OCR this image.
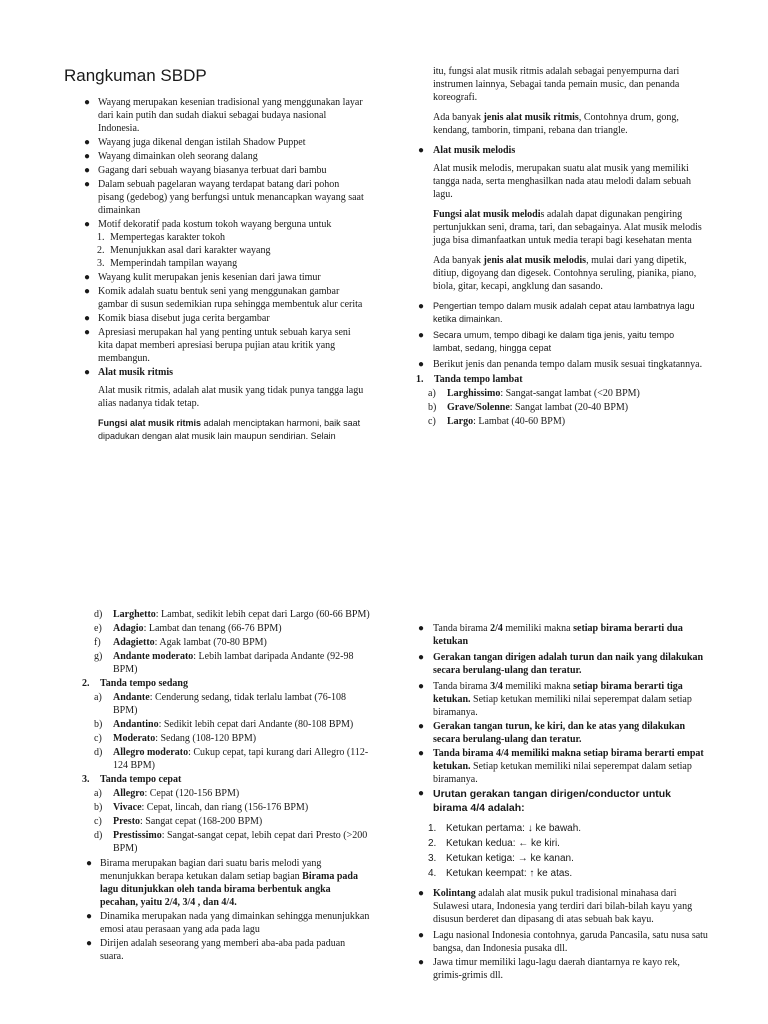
Rangkuman SBDP
● Wayang merupakan kesenian tradisional yang menggunakan layar dari kain putih dan sudah diakui sebagai budaya nasional Indonesia.
● Wayang juga dikenal dengan istilah Shadow Puppet
● Wayang dimainkan oleh seorang dalang
● Gagang dari sebuah wayang biasanya terbuat dari bambu
● Dalam sebuah pagelaran wayang terdapat batang dari pohon pisang (gedebog) yang berfungsi untuk menancapkan wayang saat dimainkan
● Motif dekoratif pada kostum tokoh wayang berguna untuk
1. Mempertegas karakter tokoh
2. Menunjukkan asal dari karakter wayang
3. Memperindah tampilan wayang
● Wayang kulit merupakan jenis kesenian dari jawa timur
● Komik adalah suatu bentuk seni yang menggunakan gambar gambar di susun sedemikian rupa sehingga membentuk alur cerita
● Komik biasa disebut juga cerita bergambar
● Apresiasi merupakan hal yang penting untuk sebuah karya seni kita dapat memberi apresiasi berupa pujian atau kritik yang membangun.
● Alat musik ritmis

Alat musik ritmis, adalah alat musik yang tidak punya tangga lagu alias nadanya tidak tetap.

Fungsi alat musik ritmis adalah menciptakan harmoni, baik saat dipadukan dengan alat musik lain maupun sendirian. Selain

itu, fungsi alat musik ritmis adalah sebagai penyempurna dari instrumen lainnya, Sebagai tanda pemain music, dan penanda koreografi.

Ada banyak jenis alat musik ritmis, Contohnya drum, gong, kendang, tamborin, timpani, rebana dan triangle.

● Alat musik melodis

Alat musik melodis, merupakan suatu alat musik yang memiliki tangga nada, serta menghasilkan nada atau melodi dalam sebuah lagu.

Fungsi alat musik melodis adalah dapat digunakan pengiring pertunjukkan seni, drama, tari, dan sebagainya. Alat musik melodis juga bisa dimanfaatkan untuk media terapi bagi kesehatan menta

Ada banyak jenis alat musik melodis, mulai dari yang dipetik, ditiup, digoyang dan digesek. Contohnya seruling, pianika, piano, biola, gitar, kecapi, angklung dan sasando.

● Pengertian tempo dalam musik adalah cepat atau lambatnya lagu ketika dimainkan.
● Secara umum, tempo dibagi ke dalam tiga jenis, yaitu tempo lambat, sedang, hingga cepat
● Berikut jenis dan penanda tempo dalam musik sesuai tingkatannya.
1. Tanda tempo lambat
a) Larghissimo: Sangat-sangat lambat (<20 BPM)
b) Grave/Solenne: Sangat lambat (20-40 BPM)
c) Largo: Lambat (40-60 BPM)
d) Larghetto: Lambat, sedikit lebih cepat dari Largo (60-66 BPM)
e) Adagio: Lambat dan tenang (66-76 BPM)
f) Adagietto: Agak lambat (70-80 BPM)
g) Andante moderato: Lebih lambat daripada Andante (92-98 BPM)
2. Tanda tempo sedang
a) Andante: Cenderung sedang, tidak terlalu lambat (76-108 BPM)
b) Andantino: Sedikit lebih cepat dari Andante (80-108 BPM)
c) Moderato: Sedang (108-120 BPM)
d) Allegro moderato: Cukup cepat, tapi kurang dari Allegro (112-124 BPM)
3. Tanda tempo cepat
a) Allegro: Cepat (120-156 BPM)
b) Vivace: Cepat, lincah, dan riang (156-176 BPM)
c) Presto: Sangat cepat (168-200 BPM)
d) Prestissimo: Sangat-sangat cepat, lebih cepat dari Presto (>200 BPM)
● Birama merupakan bagian dari suatu baris melodi yang menunjukkan berapa ketukan dalam setiap bagian Birama pada lagu ditunjukkan oleh tanda birama berbentuk angka pecahan, yaitu 2/4, 3/4 , dan 4/4.
● Dinamika merupakan nada yang dimainkan sehingga menunjukkan emosi atau perasaan yang ada pada lagu
● Dirijen adalah seseorang yang memberi aba-aba pada paduan suara.
● Tanda birama 2/4 memiliki makna setiap birama berarti dua ketukan
● Gerakan tangan dirigen adalah turun dan naik yang dilakukan secara berulang-ulang dan teratur.
● Tanda birama 3/4 memiliki makna setiap birama berarti tiga ketukan. Setiap ketukan memiliki nilai seperempat dalam setiap biramanya.
● Gerakan tangan turun, ke kiri, dan ke atas yang dilakukan secara berulang-ulang dan teratur.
● Tanda birama 4/4 memiliki makna setiap birama berarti empat ketukan. Setiap ketukan memiliki nilai seperempat dalam setiap biramanya.
● Urutan gerakan tangan dirigen/conductor untuk birama 4/4 adalah:
1. Ketukan pertama: ↓ ke bawah.
2. Ketukan kedua: ← ke kiri.
3. Ketukan ketiga: → ke kanan.
4. Ketukan keempat: ↑ ke atas.
● Kolintang adalah alat musik pukul tradisional minahasa dari Sulawesi utara, Indonesia yang terdiri dari bilah-bilah kayu yang disusun berderet dan dipasang di atas sebuah bak kayu.
● Lagu nasional Indonesia contohnya, garuda Pancasila, satu nusa satu bangsa, dan Indonesia pusaka dll.
● Jawa timur memiliki lagu-lagu daerah diantarnya re kayo rek, grimis-grimis dll.
